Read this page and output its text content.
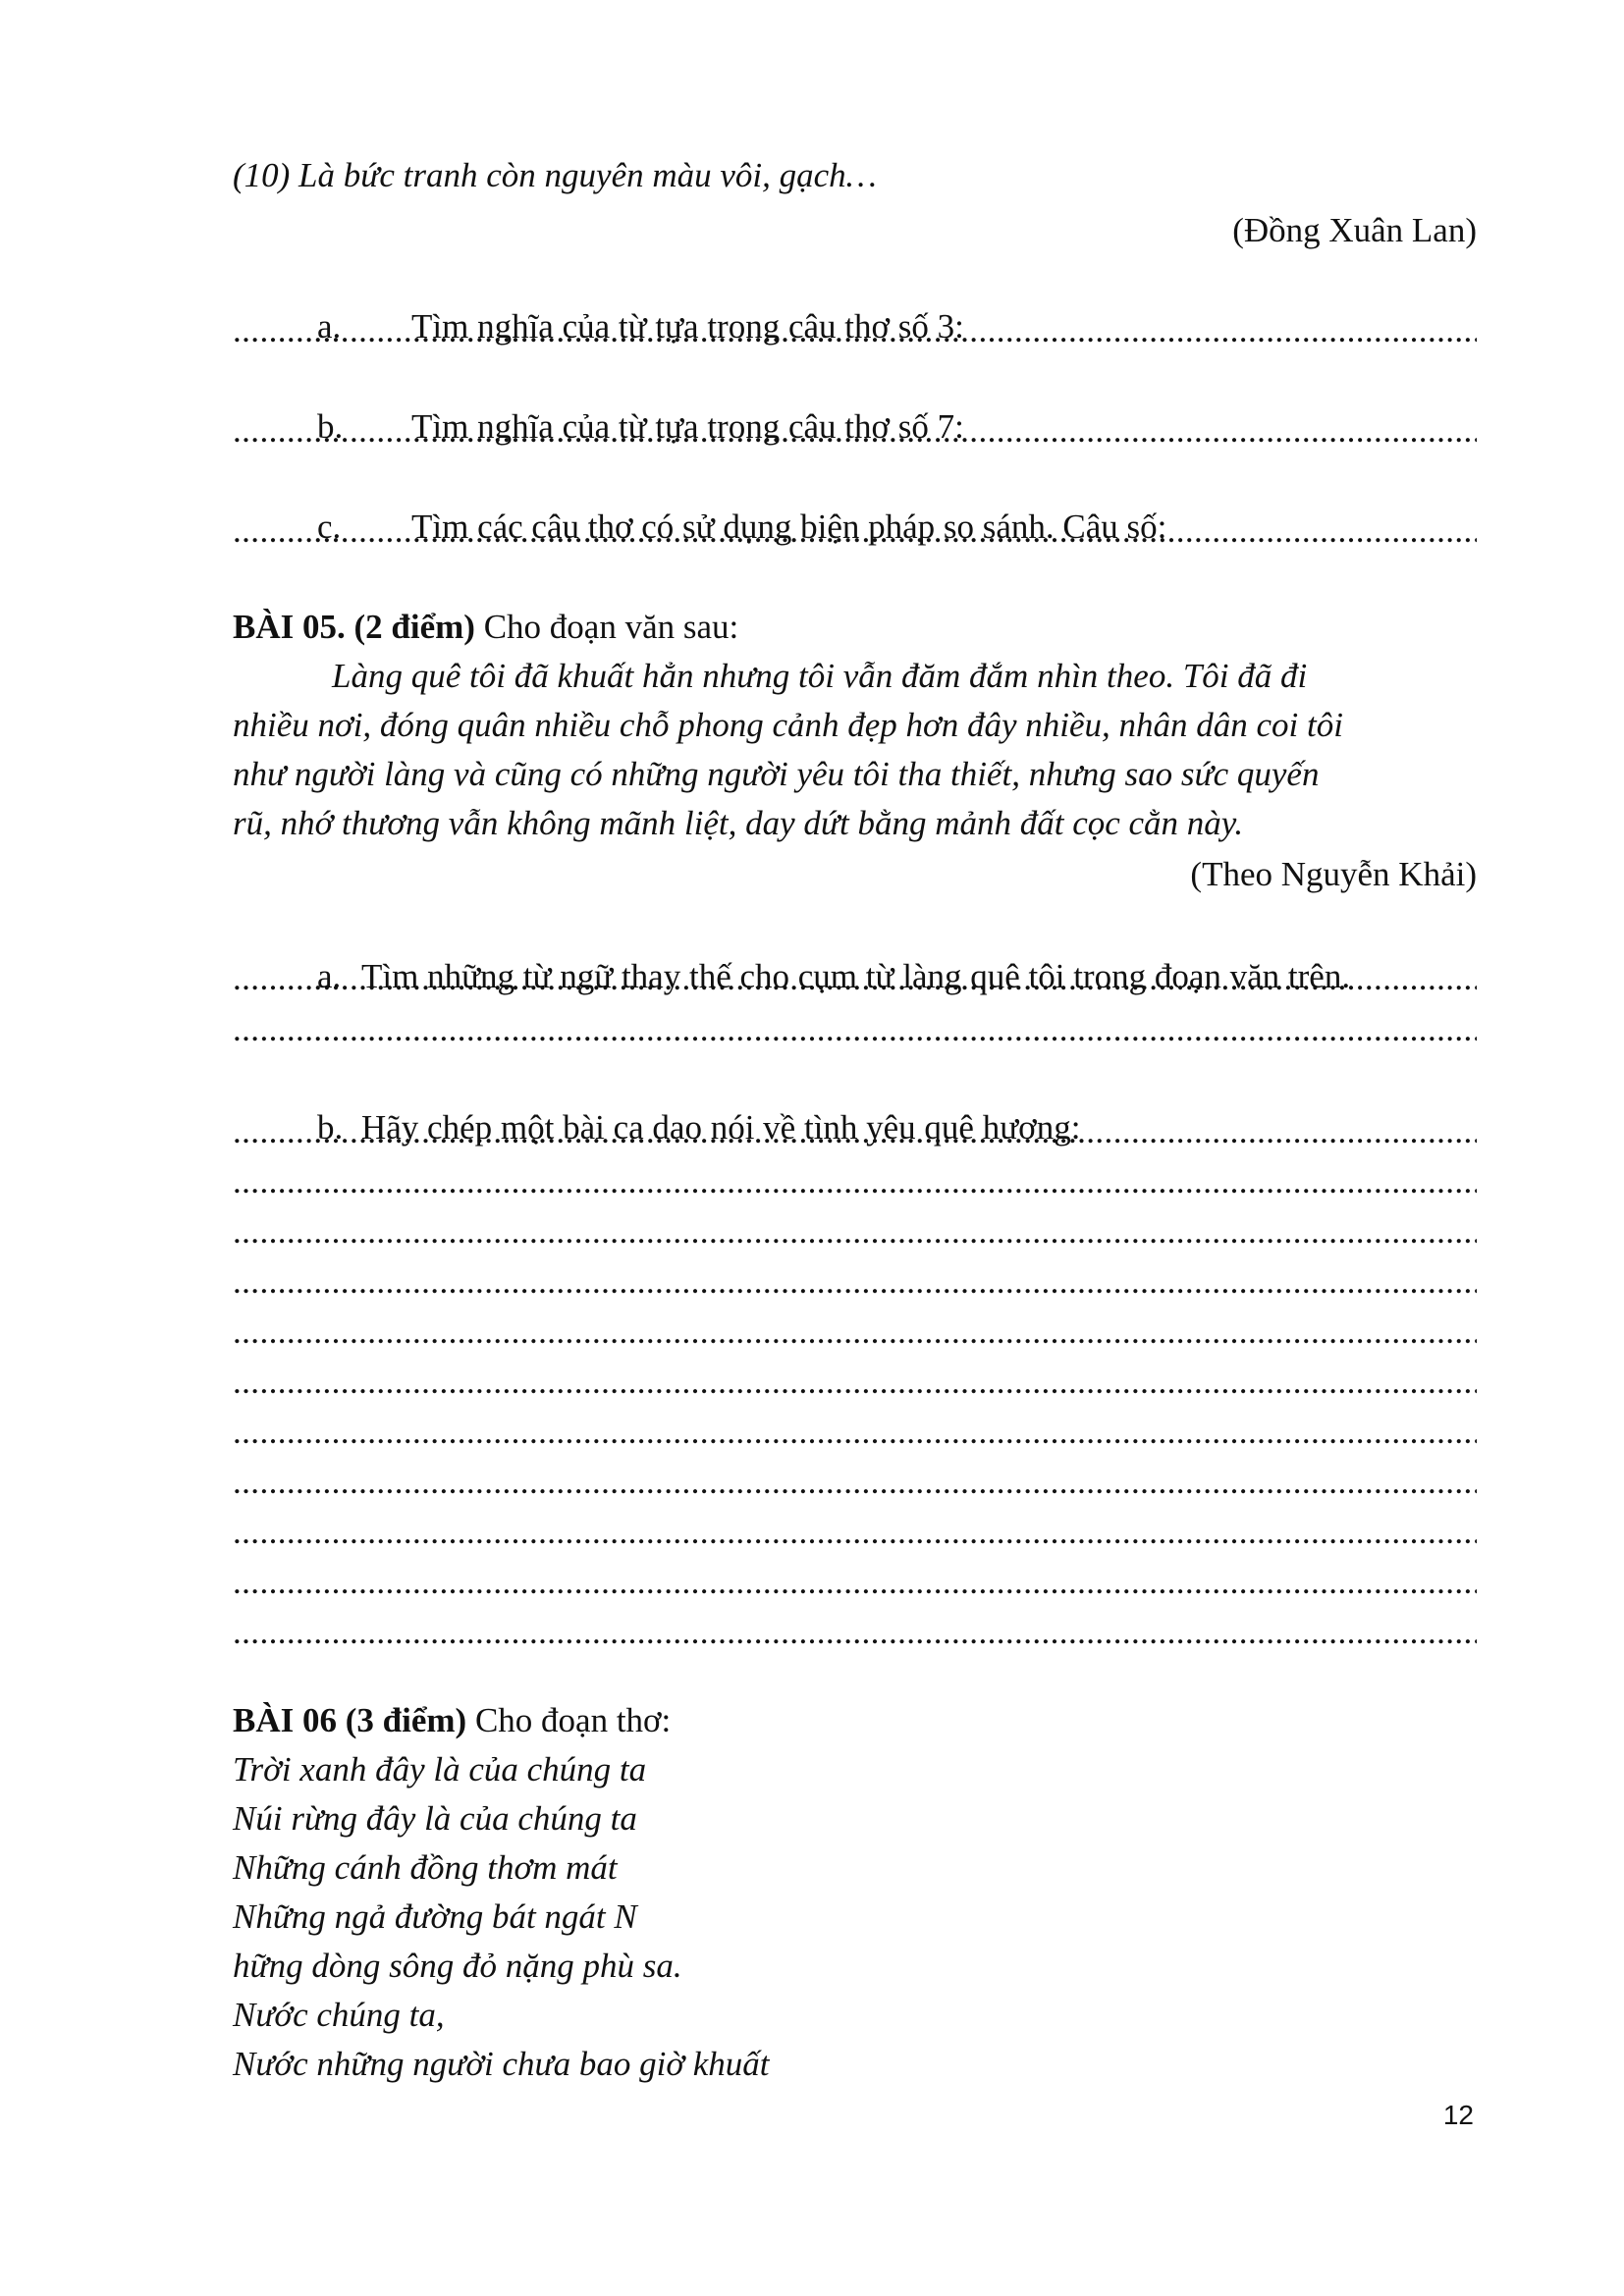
(10) Là bức tranh còn nguyên màu vôi, gạch…

(Đồng Xuân Lan)

a. Tìm nghĩa của từ tựa trong câu thơ số 3:

.....

b. Tìm nghĩa của từ tựa trong câu thơ số 7:

.....

c. Tìm các câu thơ có sử dụng biện pháp so sánh. Câu số:

.....

BÀI 05. (2 điểm) Cho đoạn văn sau:

Làng quê tôi đã khuất hẳn nhưng tôi vẫn đăm đắm nhìn theo. Tôi đã đi

nhiều nơi, đóng quân nhiều chỗ phong cảnh đẹp hơn đây nhiều, nhân dân coi tôi

như người làng và cũng có những người yêu tôi tha thiết, nhưng sao sức quyến

rũ, nhớ thương vẫn không mãnh liệt, day dứt bằng mảnh đất cọc cằn này.

(Theo Nguyễn Khải)

a. Tìm những từ ngữ thay thế cho cụm từ làng quê tôi trong đoạn văn trên.

.....
.....

b. Hãy chép một bài ca dao nói về tình yêu quê hương:

.....
.....
.....
.....
.....
.....
.....
.....
.....
.....
.....

BÀI 06 (3 điểm) Cho đoạn thơ:

Trời xanh đây là của chúng ta

Núi rừng đây là của chúng ta

Những cánh đồng thơm mát

Những ngả đường bát ngát N

hững dòng sông đỏ nặng phù sa.

Nước chúng ta,

Nước những người chưa bao giờ khuất

12
